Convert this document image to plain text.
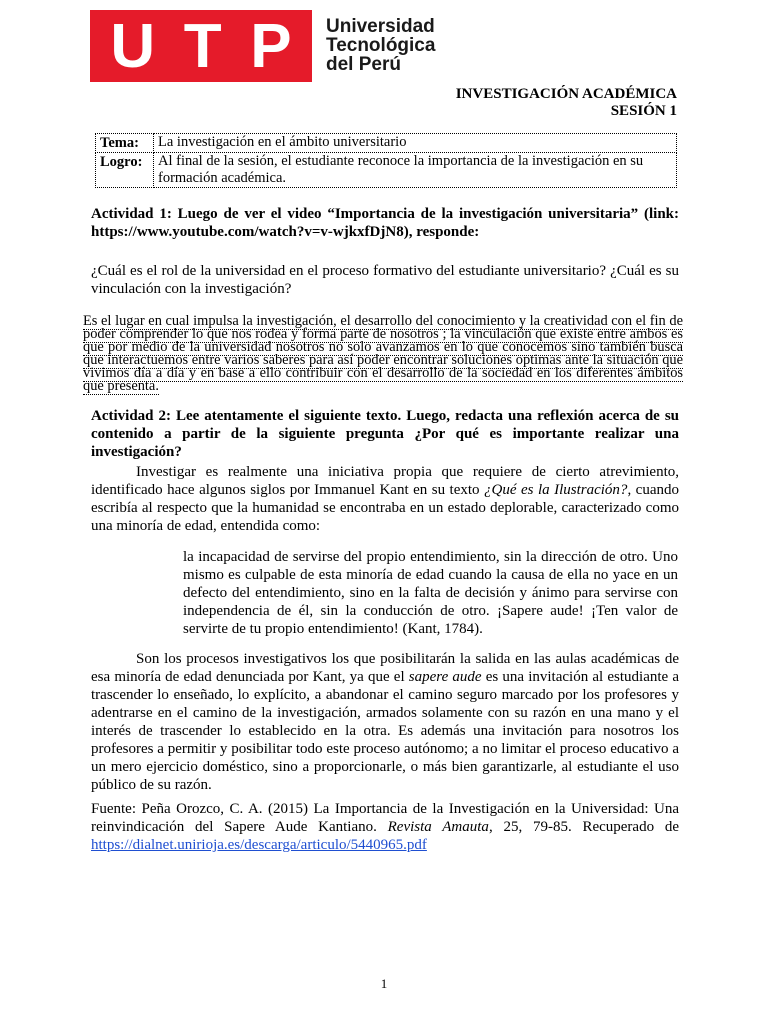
U T P Universidad
Tecnológica
del Perú
INVESTIGACIÓN ACADÉMICA
SESIÓN 1
Tema:	La investigación en el ámbito universitario
Logro:	Al final de la sesión, el estudiante reconoce la importancia de la investigación en su formación académica.
Actividad 1: Luego de ver el video “Importancia de la investigación universitaria” (link: https://www.youtube.com/watch?v=v-wjkxfDjN8), responde:
¿Cuál es el rol de la universidad en el proceso formativo del estudiante universitario? ¿Cuál es su vinculación con la investigación?
Es el lugar en cual impulsa la investigación, el desarrollo del conocimiento y la creatividad con el fin de poder comprender lo que nos rodea y forma parte de nosotros ; la vinculación que existe entre ambos es que por medio de la universidad nosotros no solo avanzamos en lo que conocemos sino también busca que interactuemos entre varios saberes para así poder encontrar soluciones optimas ante la situación que vivimos día a día y en base a ello contribuir con el desarrollo de la sociedad en los diferentes ámbitos que presenta.
Actividad 2: Lee atentamente el siguiente texto. Luego, redacta una reflexión acerca de su contenido a partir de la siguiente pregunta ¿Por qué es importante realizar una investigación?
Investigar es realmente una iniciativa propia que requiere de cierto atrevimiento, identificado hace algunos siglos por Immanuel Kant en su texto ¿Qué es la Ilustración?, cuando escribía al respecto que la humanidad se encontraba en un estado deplorable, caracterizado como una minoría de edad, entendida como:
la incapacidad de servirse del propio entendimiento, sin la dirección de otro. Uno mismo es culpable de esta minoría de edad cuando la causa de ella no yace en un defecto del entendimiento, sino en la falta de decisión y ánimo para servirse con independencia de él, sin la conducción de otro. ¡Sapere aude! ¡Ten valor de servirte de tu propio entendimiento! (Kant, 1784).
Son los procesos investigativos los que posibilitarán la salida en las aulas académicas de esa minoría de edad denunciada por Kant, ya que el sapere aude es una invitación al estudiante a trascender lo enseñado, lo explícito, a abandonar el camino seguro marcado por los profesores y adentrarse en el camino de la investigación, armados solamente con su razón en una mano y el interés de trascender lo establecido en la otra. Es además una invitación para nosotros los profesores a permitir y posibilitar todo este proceso autónomo; a no limitar el proceso educativo a un mero ejercicio doméstico, sino a proporcionarle, o más bien garantizarle, al estudiante el uso público de su razón.
Fuente: Peña Orozco, C. A. (2015) La Importancia de la Investigación en la Universidad: Una reinvindicación del Sapere Aude Kantiano. Revista Amauta, 25, 79-85. Recuperado de https://dialnet.unirioja.es/descarga/articulo/5440965.pdf
1
